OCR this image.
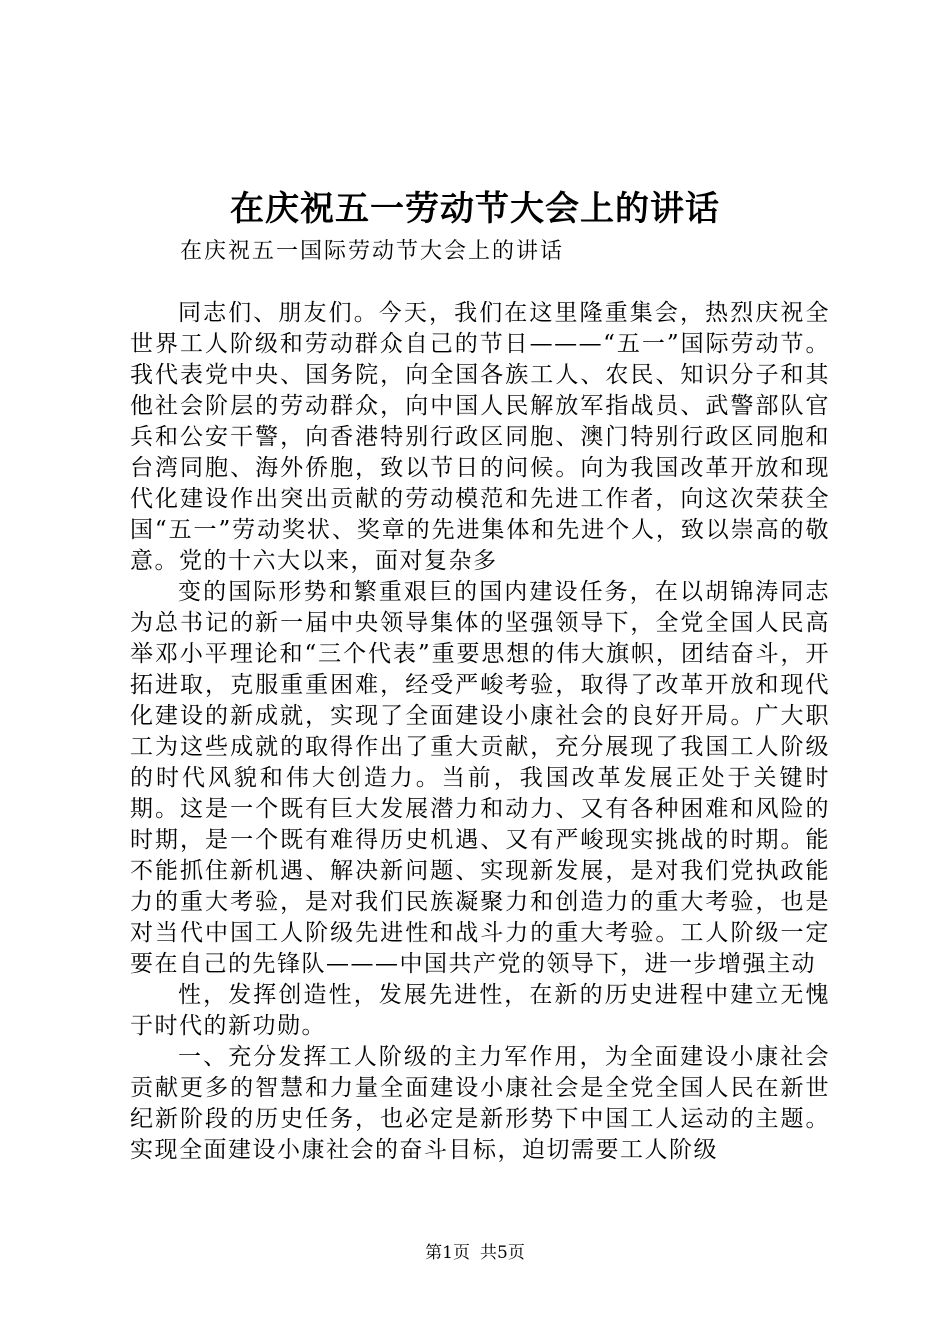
在庆祝五一劳动节大会上的讲话

在庆祝五一国际劳动节大会上的讲话

同志们、朋友们。今天，我们在这里隆重集会，热烈庆祝全世界工人阶级和劳动群众自己的节日———“五一”国际劳动节。我代表党中央、国务院，向全国各族工人、农民、知识分子和其他社会阶层的劳动群众，向中国人民解放军指战员、武警部队官兵和公安干警，向香港特别行政区同胞、澳门特别行政区同胞和台湾同胞、海外侨胞，致以节日的问候。向为我国改革开放和现代化建设作出突出贡献的劳动模范和先进工作者，向这次荣获全国“五一”劳动奖状、奖章的先进集体和先进个人，致以崇高的敬意。党的十六大以来，面对复杂多

变的国际形势和繁重艰巨的国内建设任务，在以胡锦涛同志为总书记的新一届中央领导集体的坚强领导下，全党全国人民高举邓小平理论和“三个代表”重要思想的伟大旗帜，团结奋斗，开拓进取，克服重重困难，经受严峻考验，取得了改革开放和现代化建设的新成就，实现了全面建设小康社会的良好开局。广大职工为这些成就的取得作出了重大贡献，充分展现了我国工人阶级的时代风貌和伟大创造力。当前，我国改革发展正处于关键时期。这是一个既有巨大发展潜力和动力、又有各种困难和风险的时期，是一个既有难得历史机遇、又有严峻现实挑战的时期。能不能抓住新机遇、解决新问题、实现新发展，是对我们党执政能力的重大考验，是对我们民族凝聚力和创造力的重大考验，也是对当代中国工人阶级先进性和战斗力的重大考验。工人阶级一定要在自己的先锋队———中国共产党的领导下，进一步增强主动

性，发挥创造性，发展先进性，在新的历史进程中建立无愧于时代的新功勋。

一、充分发挥工人阶级的主力军作用，为全面建设小康社会贡献更多的智慧和力量全面建设小康社会是全党全国人民在新世纪新阶段的历史任务，也必定是新形势下中国工人运动的主题。实现全面建设小康社会的奋斗目标，迫切需要工人阶级

第1页 共5页
